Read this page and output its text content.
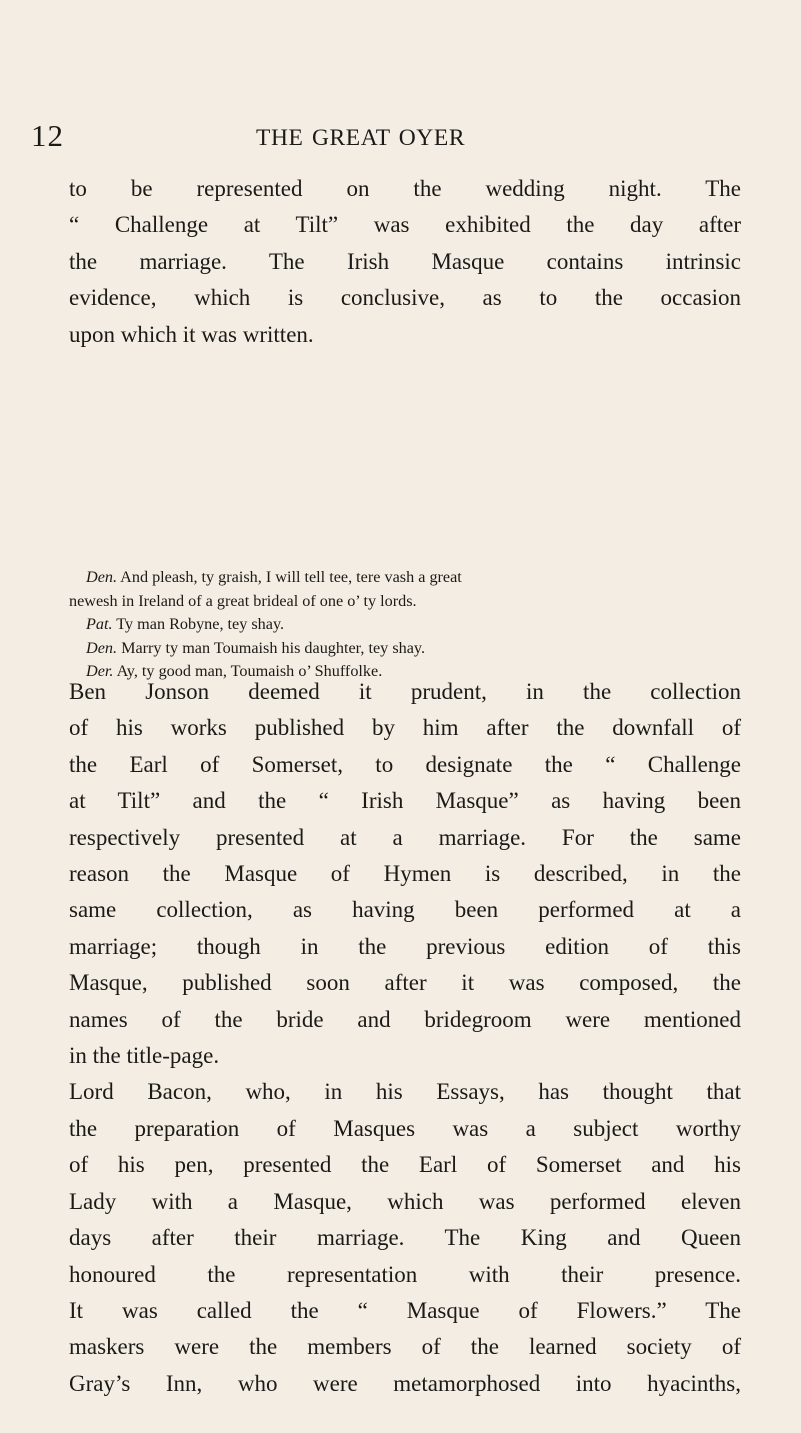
12	THE GREAT OYER
to be represented on the wedding night. The
“ Challenge at Tilt” was exhibited the day after
the marriage. The Irish Masque contains intrinsic
evidence, which is conclusive, as to the occasion
upon which it was written.
Den. And pleash, ty graish, I will tell tee, tere vash a great
newesh in Ireland of a great brideal of one o’ ty lords.
Pat. Ty man Robyne, tey shay.
Den. Marry ty man Toumaish his daughter, tey shay.
Der. Ay, ty good man, Toumaish o’ Shuffolke.
Ben Jonson deemed it prudent, in the collection
of his works published by him after the downfall of
the Earl of Somerset, to designate the “ Challenge
at Tilt” and the “ Irish Masque” as having been
respectively presented at a marriage. For the same
reason the Masque of Hymen is described, in the
same collection, as having been performed at a
marriage; though in the previous edition of this
Masque, published soon after it was composed, the
names of the bride and bridegroom were mentioned
in the title-page.
Lord Bacon, who, in his Essays, has thought that
the preparation of Masques was a subject worthy
of his pen, presented the Earl of Somerset and his
Lady with a Masque, which was performed eleven
days after their marriage. The King and Queen
honoured the representation with their presence.
It was called the “ Masque of Flowers.” The
maskers were the members of the learned society of
Gray’s Inn, who were metamorphosed into hyacinths,
